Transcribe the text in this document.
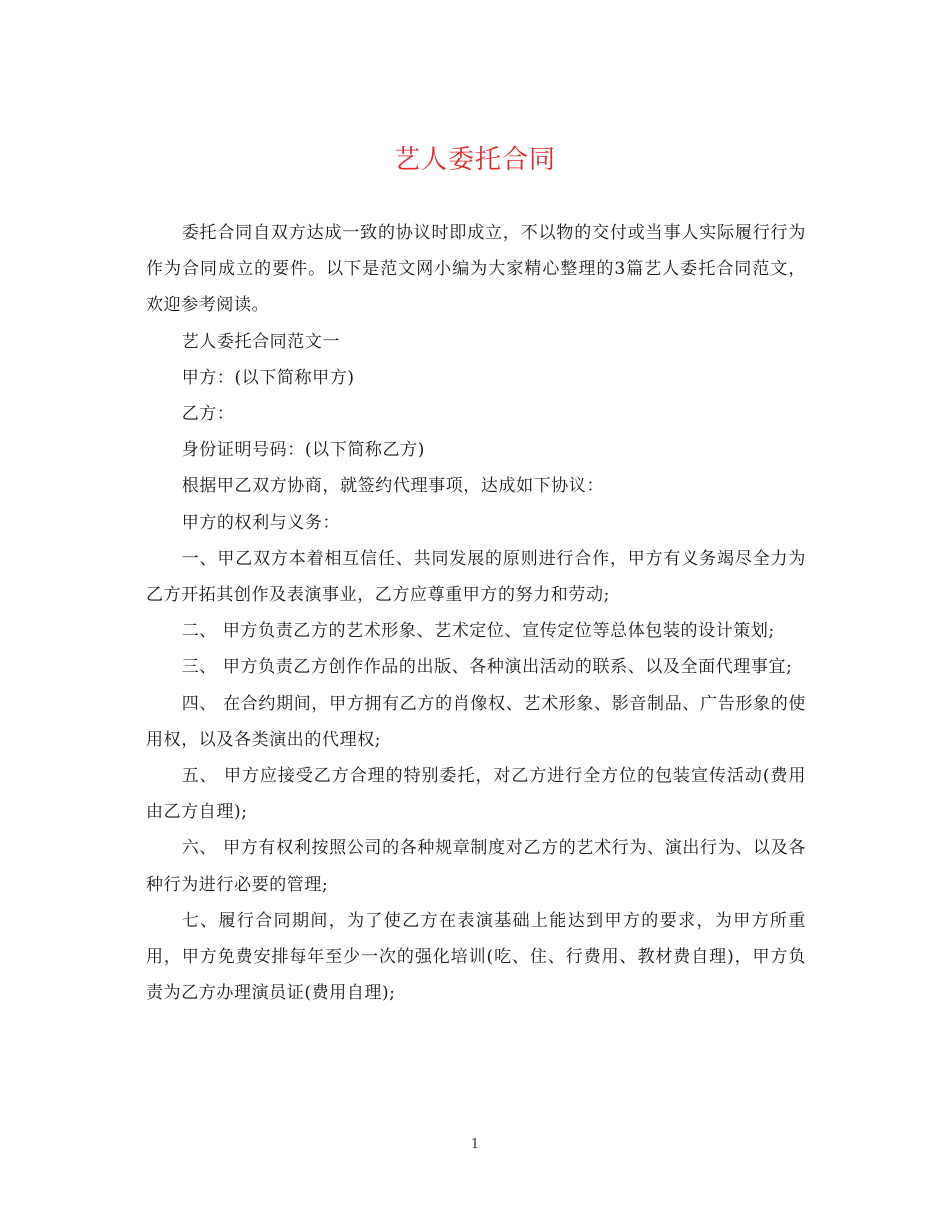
艺人委托合同

委托合同自双方达成一致的协议时即成立，不以物的交付或当事人实际履行行为作为合同成立的要件。以下是范文网小编为大家精心整理的3篇艺人委托合同范文，欢迎参考阅读。

艺人委托合同范文一

甲方：(以下简称甲方)

乙方：

身份证明号码：(以下简称乙方)

根据甲乙双方协商，就签约代理事项，达成如下协议：

甲方的权利与义务：

一、甲乙双方本着相互信任、共同发展的原则进行合作，甲方有义务竭尽全力为乙方开拓其创作及表演事业，乙方应尊重甲方的努力和劳动;

二、 甲方负责乙方的艺术形象、艺术定位、宣传定位等总体包装的设计策划;

三、 甲方负责乙方创作作品的出版、各种演出活动的联系、以及全面代理事宜;

四、 在合约期间，甲方拥有乙方的肖像权、艺术形象、影音制品、广告形象的使用权，以及各类演出的代理权;

五、 甲方应接受乙方合理的特别委托，对乙方进行全方位的包装宣传活动(费用由乙方自理);

六、 甲方有权利按照公司的各种规章制度对乙方的艺术行为、演出行为、以及各种行为进行必要的管理;

七、履行合同期间，为了使乙方在表演基础上能达到甲方的要求，为甲方所重用，甲方免费安排每年至少一次的强化培训(吃、住、行费用、教材费自理)，甲方负责为乙方办理演员证(费用自理);

1
